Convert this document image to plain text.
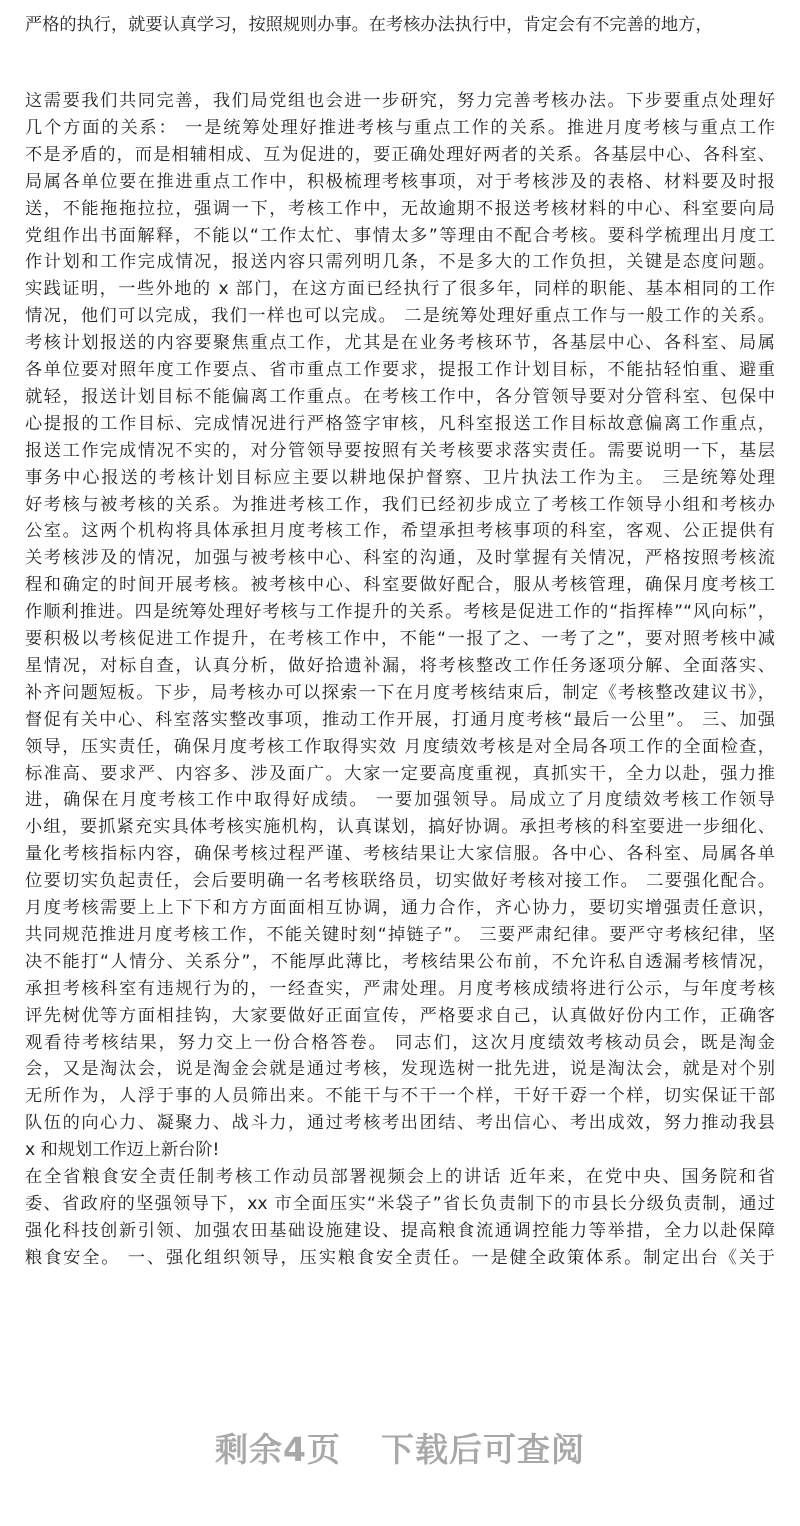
严格的执行，就要认真学习，按照规则办事。在考核办法执行中，肯定会有不完善的地方，
这需要我们共同完善，我们局党组也会进一步研究，努力完善考核办法。下步要重点处理好
几个方面的关系： 一是统筹处理好推进考核与重点工作的关系。推进月度考核与重点工作
不是矛盾的，而是相辅相成、互为促进的，要正确处理好两者的关系。各基层中心、各科室、
局属各单位要在推进重点工作中，积极梳理考核事项，对于考核涉及的表格、材料要及时报
送，不能拖拖拉拉，强调一下，考核工作中，无故逾期不报送考核材料的中心、科室要向局
党组作出书面解释，不能以“工作太忙、事情太多”等理由不配合考核。要科学梳理出月度工
作计划和工作完成情况，报送内容只需列明几条，不是多大的工作负担，关键是态度问题。
实践证明，一些外地的 x 部门，在这方面已经执行了很多年，同样的职能、基本相同的工作
情况，他们可以完成，我们一样也可以完成。 二是统筹处理好重点工作与一般工作的关系。
考核计划报送的内容要聚焦重点工作，尤其是在业务考核环节，各基层中心、各科室、局属
各单位要对照年度工作要点、省市重点工作要求，提报工作计划目标，不能拈轻怕重、避重
就轻，报送计划目标不能偏离工作重点。在考核工作中，各分管领导要对分管科室、包保中
心提报的工作目标、完成情况进行严格签字审核，凡科室报送工作目标故意偏离工作重点，
报送工作完成情况不实的，对分管领导要按照有关考核要求落实责任。需要说明一下，基层
事务中心报送的考核计划目标应主要以耕地保护督察、卫片执法工作为主。 三是统筹处理
好考核与被考核的关系。为推进考核工作，我们已经初步成立了考核工作领导小组和考核办
公室。这两个机构将具体承担月度考核工作，希望承担考核事项的科室，客观、公正提供有
关考核涉及的情况，加强与被考核中心、科室的沟通，及时掌握有关情况，严格按照考核流
程和确定的时间开展考核。被考核中心、科室要做好配合，服从考核管理，确保月度考核工
作顺利推进。四是统筹处理好考核与工作提升的关系。考核是促进工作的“指挥棒”“风向标”，
要积极以考核促进工作提升，在考核工作中，不能“一报了之、一考了之”，要对照考核中减
星情况，对标自查，认真分析，做好拾遗补漏，将考核整改工作任务逐项分解、全面落实、
补齐问题短板。下步，局考核办可以探索一下在月度考核结束后，制定《考核整改建议书》，
督促有关中心、科室落实整改事项，推动工作开展，打通月度考核“最后一公里”。 三、加强
领导，压实责任，确保月度考核工作取得实效 月度绩效考核是对全局各项工作的全面检查，
标准高、要求严、内容多、涉及面广。大家一定要高度重视，真抓实干，全力以赴，强力推
进，确保在月度考核工作中取得好成绩。 一要加强领导。局成立了月度绩效考核工作领导
小组，要抓紧充实具体考核实施机构，认真谋划，搞好协调。承担考核的科室要进一步细化、
量化考核指标内容，确保考核过程严谨、考核结果让大家信服。各中心、各科室、局属各单
位要切实负起责任，会后要明确一名考核联络员，切实做好考核对接工作。 二要强化配合。
月度考核需要上上下下和方方面面相互协调，通力合作，齐心协力，要切实增强责任意识，
共同规范推进月度考核工作，不能关键时刻“掉链子”。 三要严肃纪律。要严守考核纪律，坚
决不能打“人情分、关系分”，不能厚此薄比，考核结果公布前，不允许私自透漏考核情况，
承担考核科室有违规行为的，一经查实，严肃处理。月度考核成绩将进行公示，与年度考核
评先树优等方面相挂钩，大家要做好正面宣传，严格要求自己，认真做好份内工作，正确客
观看待考核结果，努力交上一份合格答卷。 同志们，这次月度绩效考核动员会，既是淘金
会，又是淘汰会，说是淘金会就是通过考核，发现选树一批先进，说是淘汰会，就是对个别
无所作为，人浮于事的人员筛出来。不能干与不干一个样，干好干孬一个样，切实保证干部
队伍的向心力、凝聚力、战斗力，通过考核考出团结、考出信心、考出成效，努力推动我县
x 和规划工作迈上新台阶!
在全省粮食安全责任制考核工作动员部署视频会上的讲话 近年来，在党中央、国务院和省
委、省政府的坚强领导下，xx 市全面压实“米袋子”省长负责制下的市县长分级负责制，通过
强化科技创新引领、加强农田基础设施建设、提高粮食流通调控能力等举措，全力以赴保障
粮食安全。 一、强化组织领导，压实粮食安全责任。一是健全政策体系。制定出台《关于
剩余4页 下载后可查阅
